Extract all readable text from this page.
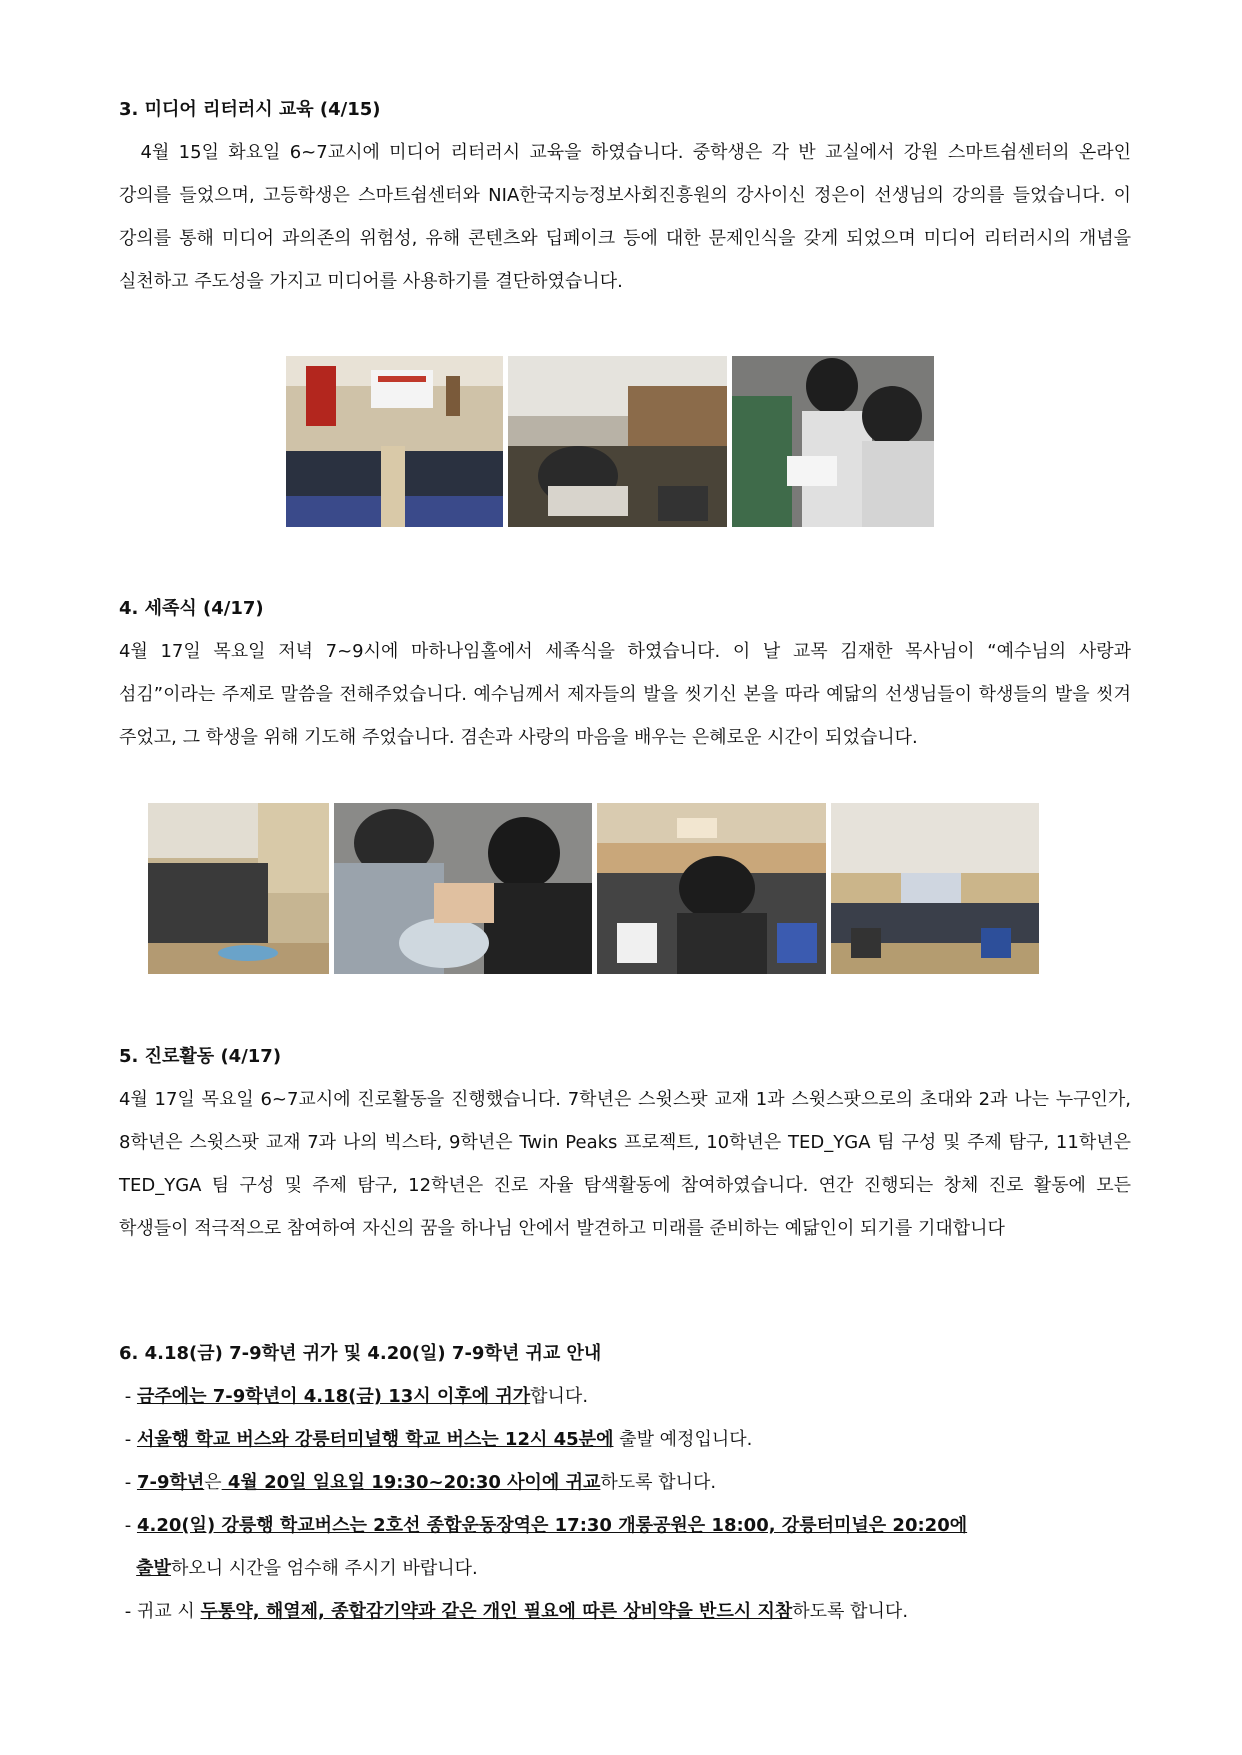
3. 미디어 리터러시 교육 (4/15)

　4월 15일 화요일 6~7교시에 미디어 리터러시 교육을 하였습니다. 중학생은 각 반 교실에서 강원 스마트쉼센터의 온라인 강의를 들었으며, 고등학생은 스마트쉼센터와 NIA한국지능정보사회진흥원의 강사이신 정은이 선생님의 강의를 들었습니다. 이 강의를 통해 미디어 과의존의 위험성, 유해 콘텐츠와 딥페이크 등에 대한 문제인식을 갖게 되었으며 미디어 리터러시의 개념을 실천하고 주도성을 가지고 미디어를 사용하기를 결단하였습니다.

4. 세족식 (4/17)

4월 17일 목요일 저녁 7~9시에 마하나임홀에서 세족식을 하였습니다. 이 날 교목 김재한 목사님이 “예수님의 사랑과 섬김”이라는 주제로 말씀을 전해주었습니다. 예수님께서 제자들의 발을 씻기신 본을 따라 예닮의 선생님들이 학생들의 발을 씻겨 주었고, 그 학생을 위해 기도해 주었습니다. 겸손과 사랑의 마음을 배우는 은혜로운 시간이 되었습니다.

5. 진로활동 (4/17)

4월 17일 목요일 6~7교시에 진로활동을 진행했습니다. 7학년은 스윗스팟 교재 1과 스윗스팟으로의 초대와 2과 나는 누구인가, 8학년은 스윗스팟 교재 7과 나의 빅스타, 9학년은 Twin Peaks 프로젝트, 10학년은 TED_YGA 팀 구성 및 주제 탐구, 11학년은 TED_YGA 팀 구성 및 주제 탐구, 12학년은 진로 자율 탐색활동에 참여하였습니다. 연간 진행되는 창체 진로 활동에 모든 학생들이 적극적으로 참여하여 자신의 꿈을 하나님 안에서 발견하고 미래를 준비하는 예닮인이 되기를 기대합니다

6. 4.18(금) 7-9학년 귀가 및 4.20(일) 7-9학년 귀교 안내

- 금주에는 7-9학년이 4.18(금) 13시 이후에 귀가합니다.

- 서울행 학교 버스와 강릉터미널행 학교 버스는 12시 45분에 출발 예정입니다.

- 7-9학년은 4월 20일 일요일 19:30~20:30 사이에 귀교하도록 합니다.

- 4.20(일) 강릉행 학교버스는 2호선 종합운동장역은 17:30 개롱공원은 18:00, 강릉터미널은 20:20에

출발하오니 시간을 엄수해 주시기 바랍니다.

- 귀교 시 두통약, 해열제, 종합감기약과 같은 개인 필요에 따른 상비약을 반드시 지참하도록 합니다.
